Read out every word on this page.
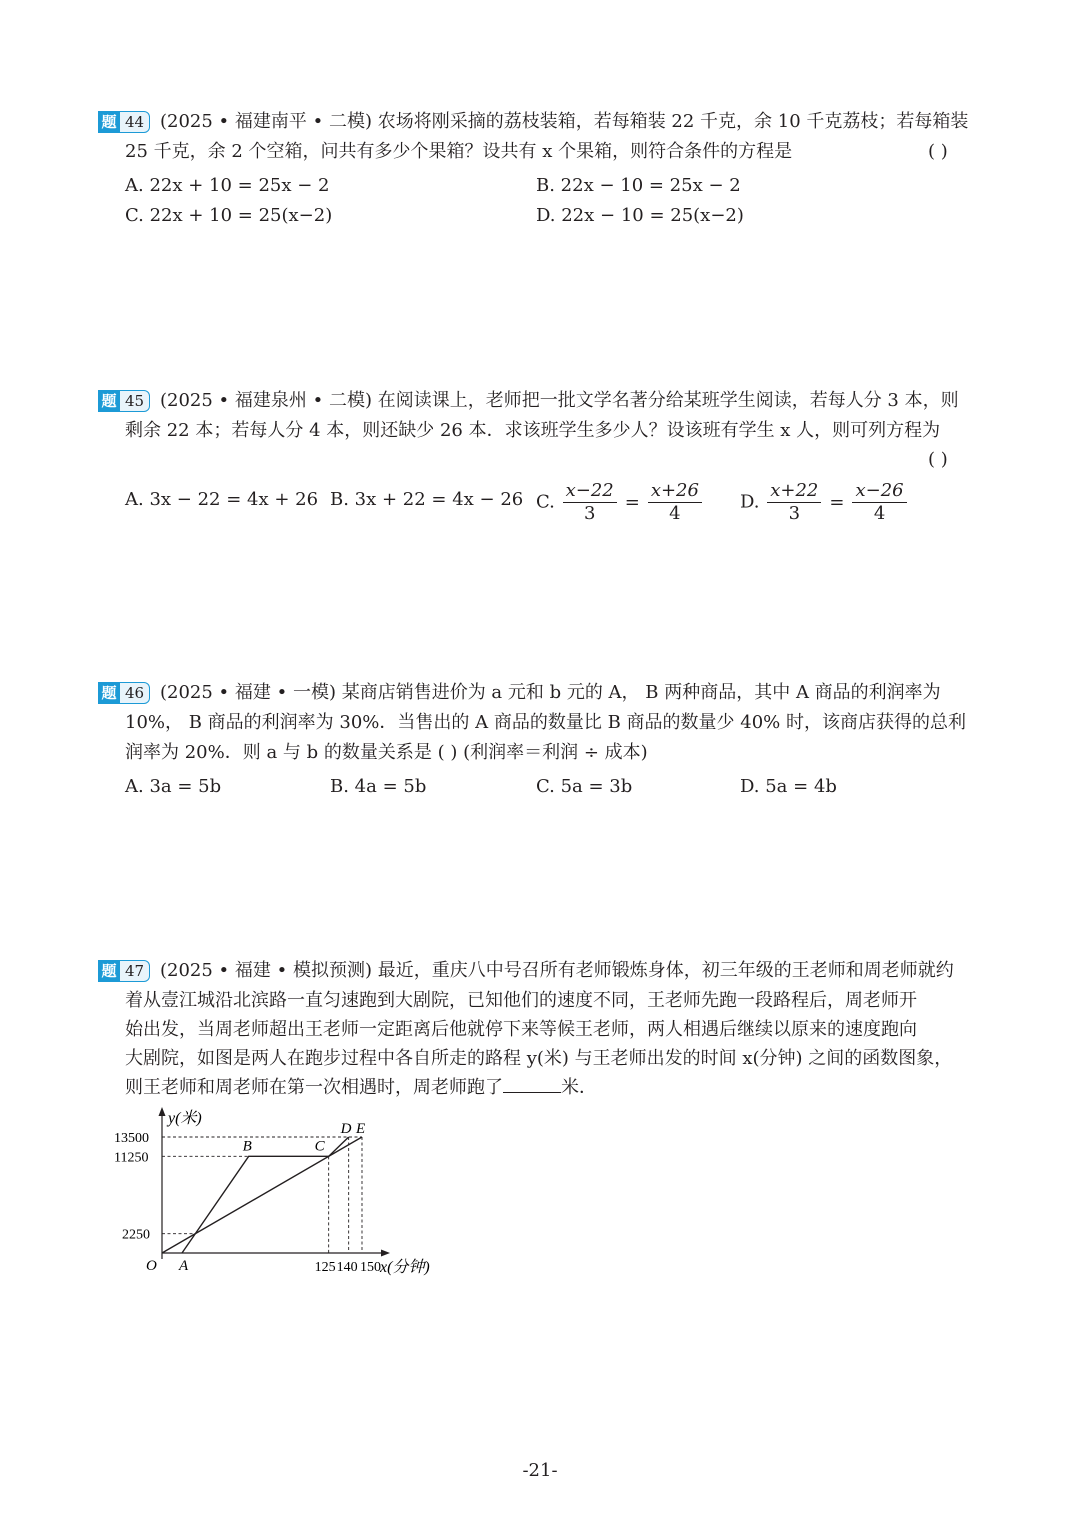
题 44 (2025 • 福建南平 • 二模) 农场将刚采摘的荔枝装箱，若每箱装 22 千克，余 10 千克荔枝；若每箱装
25 千克，余 2 个空箱，问共有多少个果箱？设共有 x 个果箱，则符合条件的方程是	( )
A. 22x + 10 = 25x − 2	B. 22x − 10 = 25x − 2
C. 22x + 10 = 25(x−2)	D. 22x − 10 = 25(x−2)
题 45 (2025 • 福建泉州 • 二模) 在阅读课上，老师把一批文学名著分给某班学生阅读，若每人分 3 本，则
剩余 22 本；若每人分 4 本，则还缺少 26 本．求该班学生多少人？设该班有学生 x 人，则可列方程为
( )
A. 3x − 22 = 4x + 26 B. 3x + 22 = 4x − 26 C. $\frac{x-22}{3} = \frac{x+26}{4} D$. $\frac{x+22}{3} = \frac{x-26}{4}$
题 46 (2025 • 福建 • 一模) 某商店销售进价为 a 元和 b 元的 A， B 两种商品，其中 A 商品的利润率为
10%， B 商品的利润率为 30%．当售出的 A 商品的数量比 B 商品的数量少 40% 时，该商店获得的总利
润率为 20%．则 a 与 b 的数量关系是 ( ) (利润率＝利润 ÷ 成本)
A. 3a = 5b	B. 4a = 5b	C. 5a = 3b	D. 5a = 4b
题 47 (2025 • 福建 • 模拟预测) 最近，重庆八中号召所有老师锻炼身体，初三年级的王老师和周老师就约
着从壹江城沿北滨路一直匀速跑到大剧院，已知他们的速度不同，王老师先跑一段路程后，周老师开
始出发，当周老师超出王老师一定距离后他就停下来等候王老师，两人相遇后继续以原来的速度跑向
大剧院，如图是两人在跑步过程中各自所走的路程 y(米) 与王老师出发的时间 x(分钟) 之间的函数图象，
则王老师和周老师在第一次相遇时，周老师跑了	米．
y(米)
x(分钟)
O	125 140 150
2250
11250
13500
A
B	C
D E
-21-
